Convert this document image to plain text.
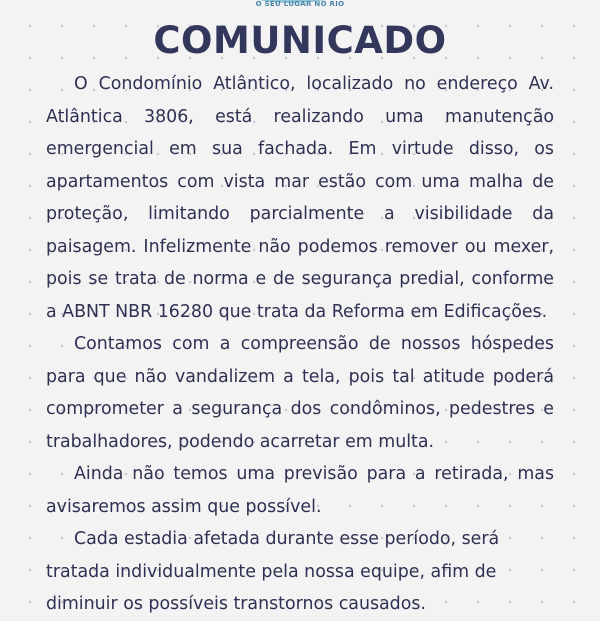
O SEU LUGAR NO RIO
COMUNICADO

O Condomínio Atlântico, localizado no endereço Av. Atlântica 3806, está realizando uma manutenção emergencial em sua fachada. Em virtude disso, os apartamentos com vista mar estão com uma malha de proteção, limitando parcialmente a visibilidade da paisagem. Infelizmente não podemos remover ou mexer, pois se trata de norma e de segurança predial, conforme a ABNT NBR 16280 que trata da Reforma em Edificações.

Contamos com a compreensão de nossos hóspedes para que não vandalizem a tela, pois tal atitude poderá comprometer a segurança dos condôminos, pedestres e trabalhadores, podendo acarretar em multa.

Ainda não temos uma previsão para a retirada, mas avisaremos assim que possível.

Cada estadia afetada durante esse período, será tratada individualmente pela nossa equipe, afim de diminuir os possíveis transtornos causados.
